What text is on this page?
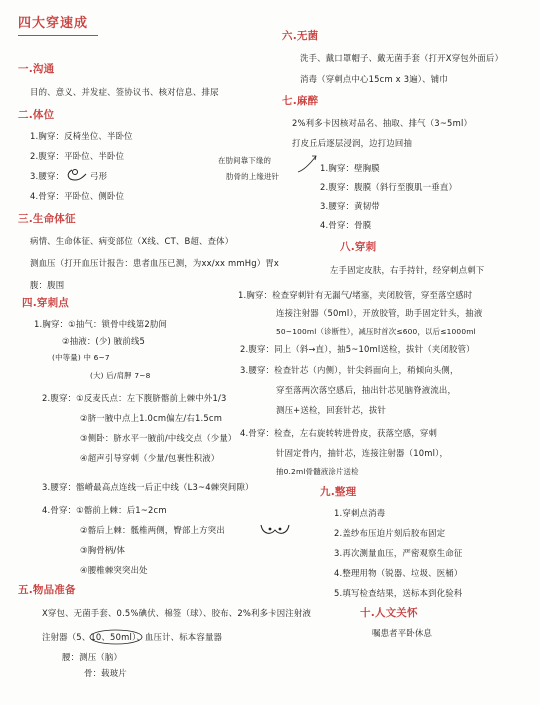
四大穿速成
一.沟通
目的、意义、并发症、签协议书、核对信息、排尿
二.体位
1.胸穿：反椅坐位、半卧位
2.腹穿：平卧位、半卧位
3.腰穿：	弓形
4.骨穿：平卧位、侧卧位
三.生命体征
病情、生命体征、病变部位（X线、CT、B超、查体）
测血压（打开血压计报告：患者血压已测，为xx/xx mmHg）胃x
腹：腹围
四.穿刺点
1.胸穿：①抽气：锁骨中线第2肋间
②抽液：(少) 腋前线5
(中等量) 中 6~7
(大) 后/肩胛 7~8
2.腹穿：①反麦氏点：左下腹脐髂前上棘中外1/3
②脐一腋中点上1.0cm偏左/右1.5cm
③侧卧：脐水平一腋前/中线交点（少量）
④超声引导穿刺（少量/包裹性积液）
3.腰穿：髂嵴最高点连线一后正中线（L3~4棘突间隙）
4.骨穿：①髂前上棘：后1~2cm
②髂后上棘：骶椎两侧，臀部上方突出
③胸骨柄/体
④腰椎棘突突出处
五.物品准备
X穿包、无菌手套、0.5%碘伏、棉签（球）、胶布、2%利多卡因注射液
注射器（5、10、50ml）、血压计、标本容量器
腰：测压（脑）
骨：载玻片
六.无菌
洗手、戴口罩帽子、戴无菌手套（打开X穿包外面后）
消毒（穿刺点中心15cm x 3遍）、铺巾
七.麻醉
2%利多卡因核对品名、抽取、排气（3~5ml）
打皮丘后逐层浸润，边打边回抽
在肋间靠下缘的
肋骨的上缘进针
1.胸穿：壁胸膜
2.腹穿：腹膜（斜行至腹肌一垂直）
3.腰穿：黄韧带
4.骨穿：骨膜
八.穿刺
左手固定皮肤，右手持针，经穿刺点刺下
1.胸穿：检查穿刺针有无漏气/堵塞，夹闭胶管，穿至落空感时
连接注射器（50ml），开放胶管，助手固定针头，抽液
50~100ml（诊断性），减压时首次≤600，以后≤1000ml
2.腹穿：同上（斜→直），抽5~10ml送检，拔针（夹闭胶管）
3.腰穿：检查针芯（内侧），针尖斜面向上，稍倾向头侧，
穿至落两次落空感后，抽出针芯见脑脊液流出，
测压+送检，回套针芯，拔针
4.骨穿：检查，左右旋转转进骨皮，获落空感，穿刺
针固定骨内，抽针芯，连接注射器（10ml），
抽0.2ml骨髓液涂片送检
九.整理
1.穿刺点消毒
2.盖纱布压迫片刻后胶布固定
3.再次测量血压，严密观察生命征
4.整理用物（锐器、垃圾、医桶）
5.填写检查结果，送标本到化验科
十.人文关怀
嘱患者平卧休息
